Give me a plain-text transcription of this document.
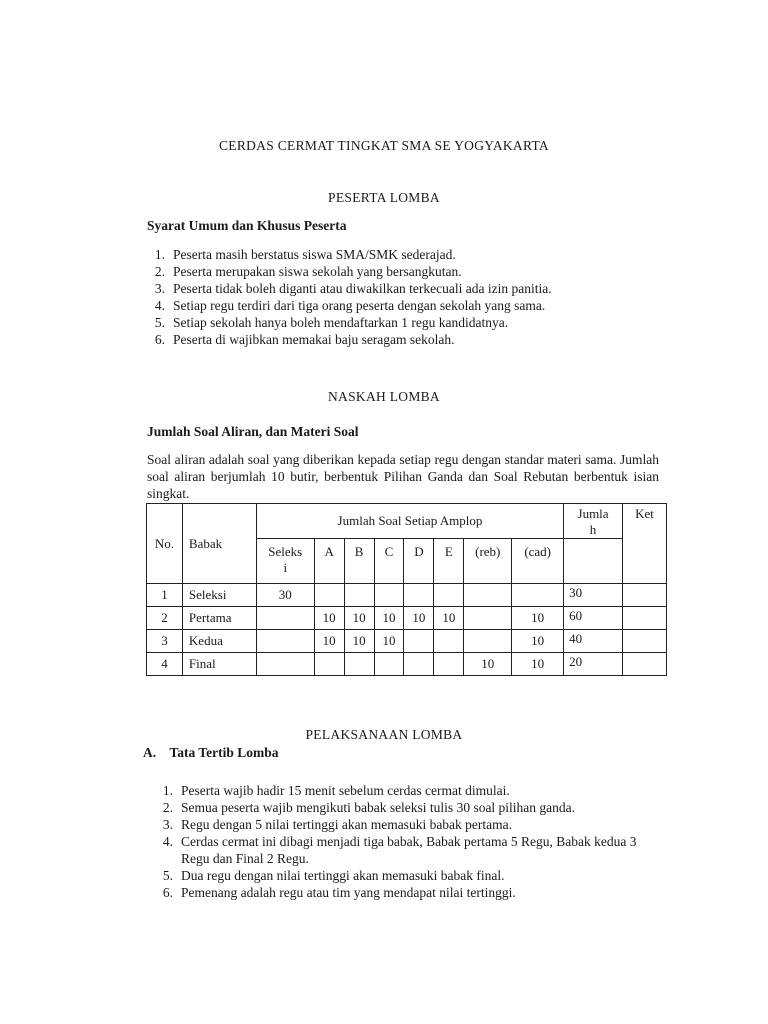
CERDAS CERMAT TINGKAT SMA SE YOGYAKARTA
PESERTA LOMBA
Syarat Umum dan Khusus Peserta
1. Peserta masih berstatus siswa SMA/SMK sederajad.
2. Peserta merupakan siswa sekolah yang bersangkutan.
3. Peserta tidak boleh diganti atau diwakilkan terkecuali ada izin panitia.
4. Setiap regu terdiri dari tiga orang peserta dengan sekolah yang sama.
5. Setiap sekolah hanya boleh mendaftarkan 1 regu kandidatnya.
6. Peserta di wajibkan memakai baju seragam sekolah.
NASKAH LOMBA
Jumlah Soal Aliran, dan Materi Soal
Soal aliran adalah soal yang diberikan kepada setiap regu dengan standar materi sama. Jumlah soal aliran berjumlah 10 butir, berbentuk Pilihan Ganda dan Soal Rebutan berbentuk isian singkat.
No.	Babak	Jumlah Soal Setiap Amplop								Jumla
h	Ket

		Seleks
i	A	B	C	D	E	(reb)	(cad)		

1	Seleksi	30								30	
2	Pertama		10	10	10	10	10		10	60	
3	Kedua		10	10	10				10	40	
4	Final							10	10	20	
PELAKSANAAN LOMBA
A. Tata Tertib Lomba
1. Peserta wajib hadir 15 menit sebelum cerdas cermat dimulai.
2. Semua peserta wajib mengikuti babak seleksi tulis 30 soal pilihan ganda.
3. Regu dengan 5 nilai tertinggi akan memasuki babak pertama.
4. Cerdas cermat ini dibagi menjadi tiga babak, Babak pertama 5 Regu, Babak kedua 3 Regu dan Final 2 Regu.
5. Dua regu dengan nilai tertinggi akan memasuki babak final.
6. Pemenang adalah regu atau tim yang mendapat nilai tertinggi.
